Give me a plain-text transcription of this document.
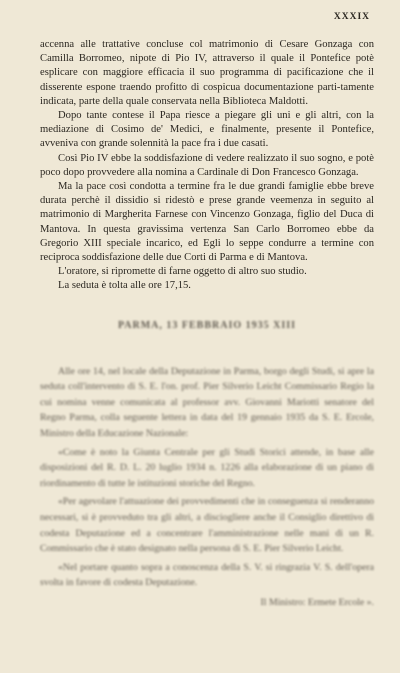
XXXIX

accenna alle trattative concluse col matrimonio di Cesare Gonzaga con Camilla Borromeo, nipote di Pio IV, attraverso il quale il Pontefice potè esplicare con maggiore efficacia il suo programma di pacificazione che il disserente espone traendo profitto di cospicua documentazione parti-tamente indicata, parte della quale conservata nella Biblioteca Maldotti.

Dopo tante contese il Papa riesce a piegare gli uni e gli altri, con la mediazione di Cosimo de' Medici, e finalmente, presente il Pontefice, avveniva con grande solennità la pace fra i due casati.

Così Pio IV ebbe la soddisfazione di vedere realizzato il suo sogno, e potè poco dopo provvedere alla nomina a Cardinale di Don Francesco Gonzaga.

Ma la pace così condotta a termine fra le due grandi famiglie ebbe breve durata perchè il dissidio si ridestò e prese grande veemenza in seguito al matrimonio di Margherita Farnese con Vincenzo Gonzaga, figlio del Duca di Mantova. In questa gravissima vertenza San Carlo Borromeo ebbe da Gregorio XIII speciale incarico, ed Egli lo seppe condurre a termine con reciproca soddisfazione delle due Corti di Parma e di Mantova.

L'oratore, si ripromette di farne oggetto di altro suo studio.

La seduta è tolta alle ore 17,15.

PARMA, 13 FEBBRAIO 1935 XIII

Alle ore 14, nel locale della Deputazione in Parma, borgo degli Studi, si apre la seduta coll'intervento di S. E. l'on. prof. Pier Silverio Leicht Commissario Regio la cui nomina venne comunicata al professor avv. Giovanni Mariotti senatore del Regno Parma, colla seguente lettera in data del 19 gennaio 1935 da S. E. Ercole, Ministro della Educazione Nazionale:

«Come è noto la Giunta Centrale per gli Studi Storici attende, in base alle disposizioni del R. D. L. 20 luglio 1934 n. 1226 alla elaborazione di un piano di riordinamento di tutte le istituzioni storiche del Regno.

«Per agevolare l'attuazione dei provvedimenti che in conseguenza si renderanno necessari, si è provveduto tra gli altri, a disciogliere anche il Consiglio direttivo di codesta Deputazione ed a concentrare l'amministrazione nelle mani di un R. Commissario che è stato designato nella persona di S. E. Pier Silverio Leicht.

«Nel portare quanto sopra a conoscenza della S. V. si ringrazia V. S. dell'opera svolta in favore di codesta Deputazione.

Il Ministro: Ermete Ercole ».
